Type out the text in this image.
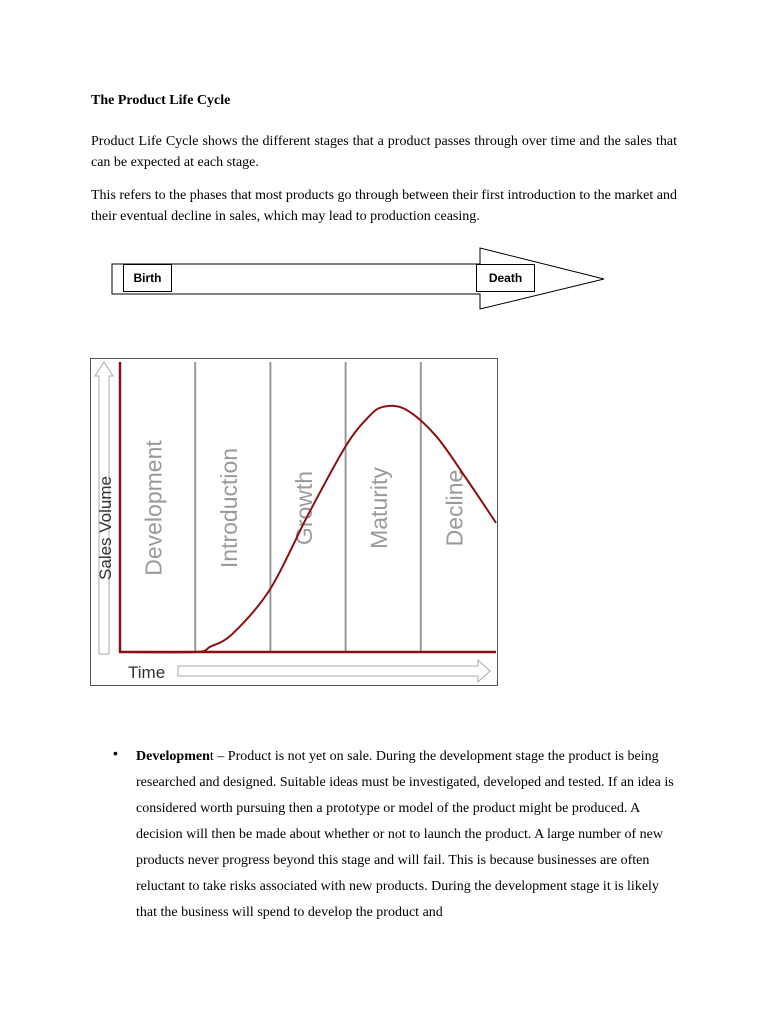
The Product Life Cycle

Product Life Cycle shows the different stages that a product passes through over time and the sales that can be expected at each stage.

This refers to the phases that most products go through between their first introduction to the market and their eventual decline in sales, which may lead to production ceasing.

Birth	Death
Development Introduction Growth Maturity Decline
Sales Volume
Time
• Development – Product is not yet on sale. During the development stage the product is being researched and designed. Suitable ideas must be investigated, developed and tested. If an idea is considered worth pursuing then a prototype or model of the product might be produced. A decision will then be made about whether or not to launch the product. A large number of new products never progress beyond this stage and will fail. This is because businesses are often reluctant to take risks associated with new products. During the development stage it is likely that the business will spend to develop the product and
